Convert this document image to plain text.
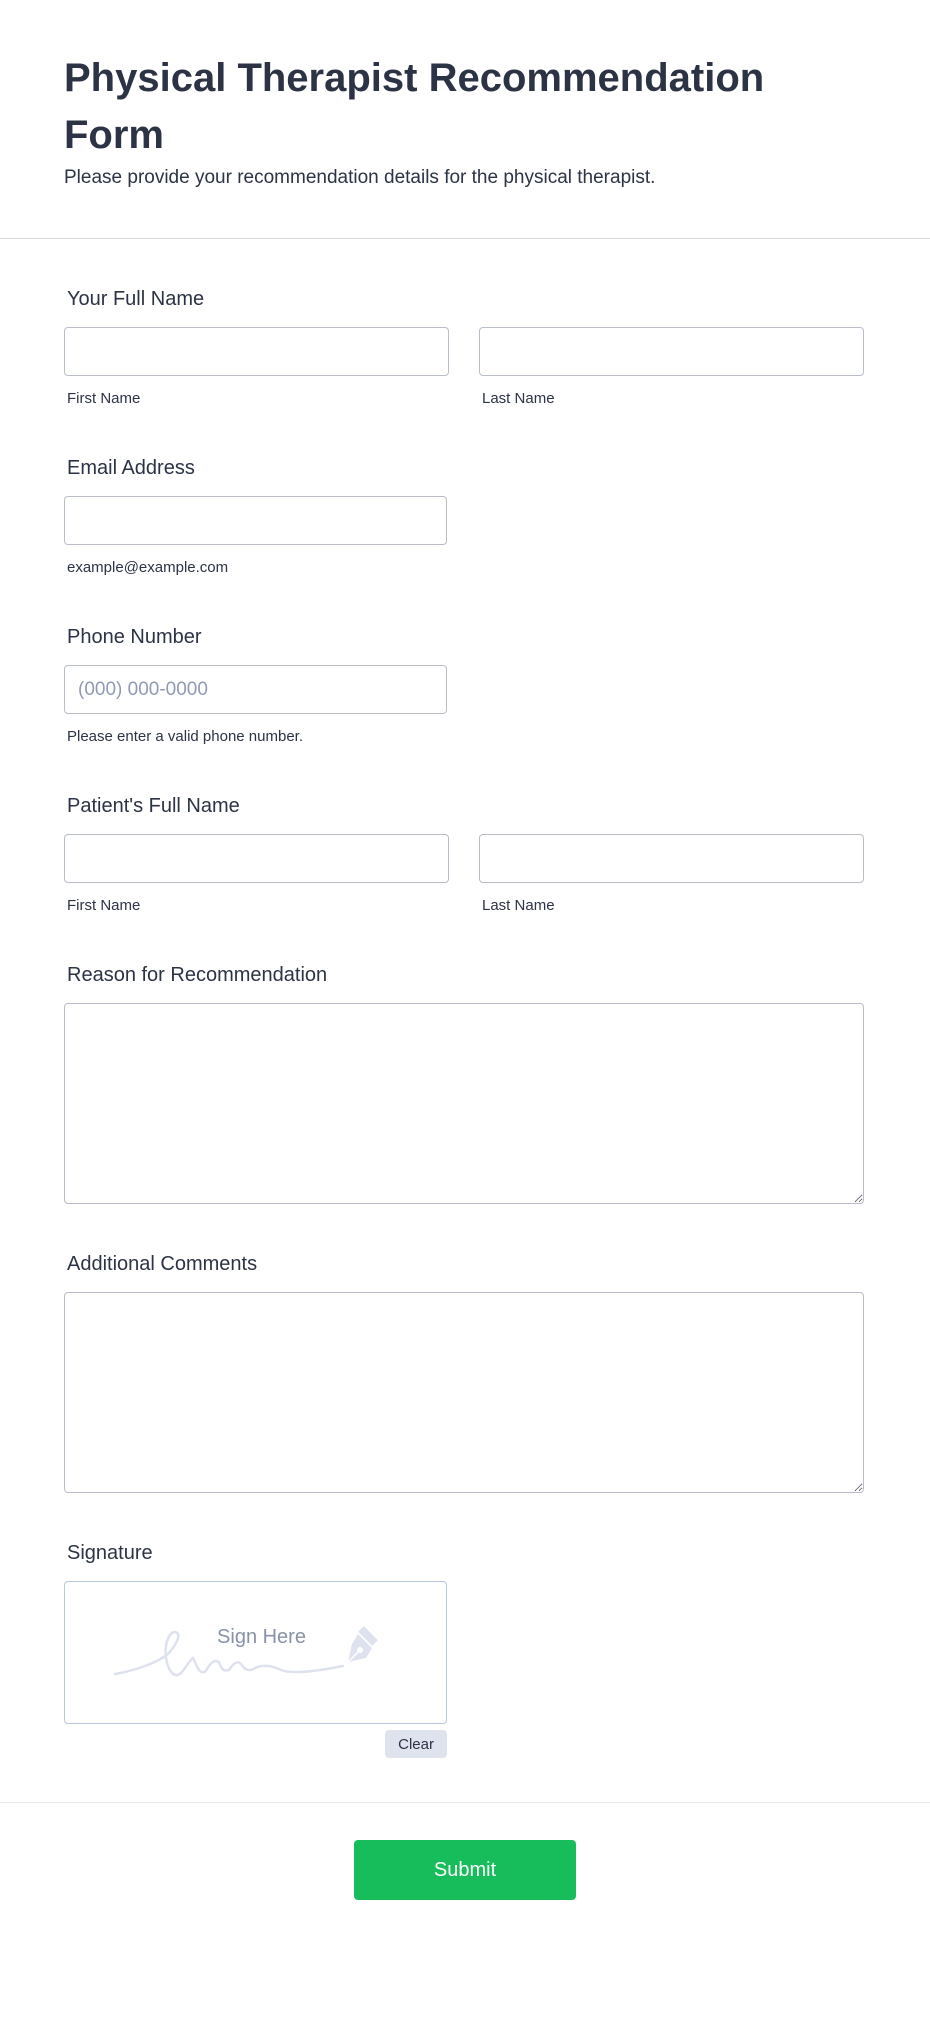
Physical Therapist Recommendation Form

Please provide your recommendation details for the physical therapist.

Your Full Name
First Name	Last Name
Email Address
example@example.com
Phone Number
(000) 000-0000
Please enter a valid phone number.
Patient's Full Name
First Name	Last Name
Reason for Recommendation
Additional Comments
Signature
Sign Here
Clear
Submit
